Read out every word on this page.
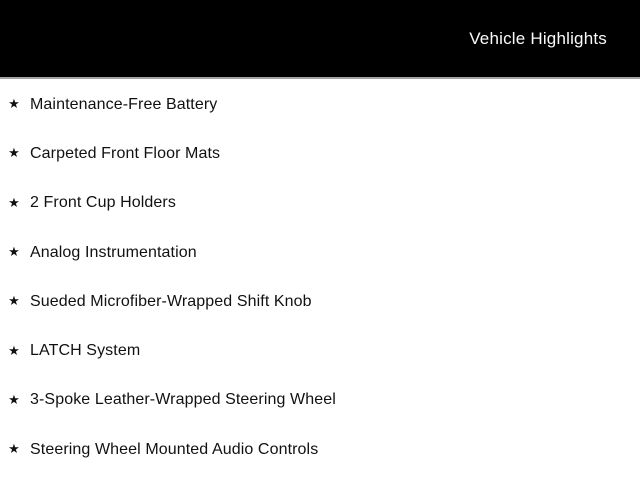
Vehicle Highlights
★ Maintenance-Free Battery
★ Carpeted Front Floor Mats
★ 2 Front Cup Holders
★ Analog Instrumentation
★ Sueded Microfiber-Wrapped Shift Knob
★ LATCH System
★ 3-Spoke Leather-Wrapped Steering Wheel
★ Steering Wheel Mounted Audio Controls
